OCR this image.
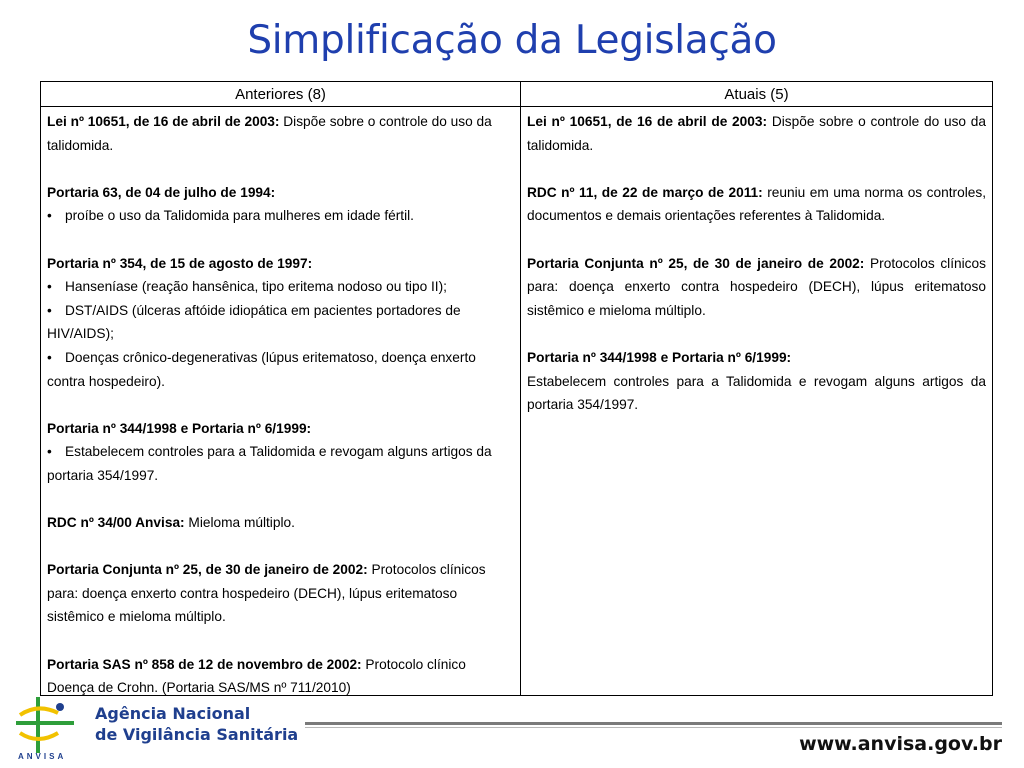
Simplificação da Legislação
Anteriores (8)	Atuais (5)

Lei nº 10651, de 16 de abril de 2003: Dispõe sobre o controle do uso da talidomida.

Portaria 63, de 04 de julho de 1994:

• proíbe o uso da Talidomida para mulheres em idade fértil.

Portaria nº 354, de 15 de agosto de 1997:

• Hanseníase (reação hansênica, tipo eritema nodoso ou tipo II);

• DST/AIDS (úlceras aftóide idiopática em pacientes portadores de HIV/AIDS);

• Doenças crônico-degenerativas (lúpus eritematoso, doença enxerto contra hospedeiro).

Portaria nº 344/1998 e Portaria nº 6/1999:

• Estabelecem controles para a Talidomida e revogam alguns artigos da portaria 354/1997.

RDC nº 34/00 Anvisa: Mieloma múltiplo.

Portaria Conjunta nº 25, de 30 de janeiro de 2002: Protocolos clínicos para: doença enxerto contra hospedeiro (DECH), lúpus eritematoso sistêmico e mieloma múltiplo.

Portaria SAS nº 858 de 12 de novembro de 2002: Protocolo clínico Doença de Crohn. (Portaria SAS/MS nº 711/2010)

Lei nº 10651, de 16 de abril de 2003: Dispõe sobre o controle do uso da talidomida.

RDC nº 11, de 22 de março de 2011: reuniu em uma norma os controles, documentos e demais orientações referentes à Talidomida.

Portaria Conjunta nº 25, de 30 de janeiro de 2002: Protocolos clínicos para: doença enxerto contra hospedeiro (DECH), lúpus eritematoso sistêmico e mieloma múltiplo.

Portaria nº 344/1998 e Portaria nº 6/1999:

Estabelecem controles para a Talidomida e revogam alguns artigos da portaria 354/1997.

ANVISA
Agência Nacional
de Vigilância Sanitária	www.anvisa.gov.br
